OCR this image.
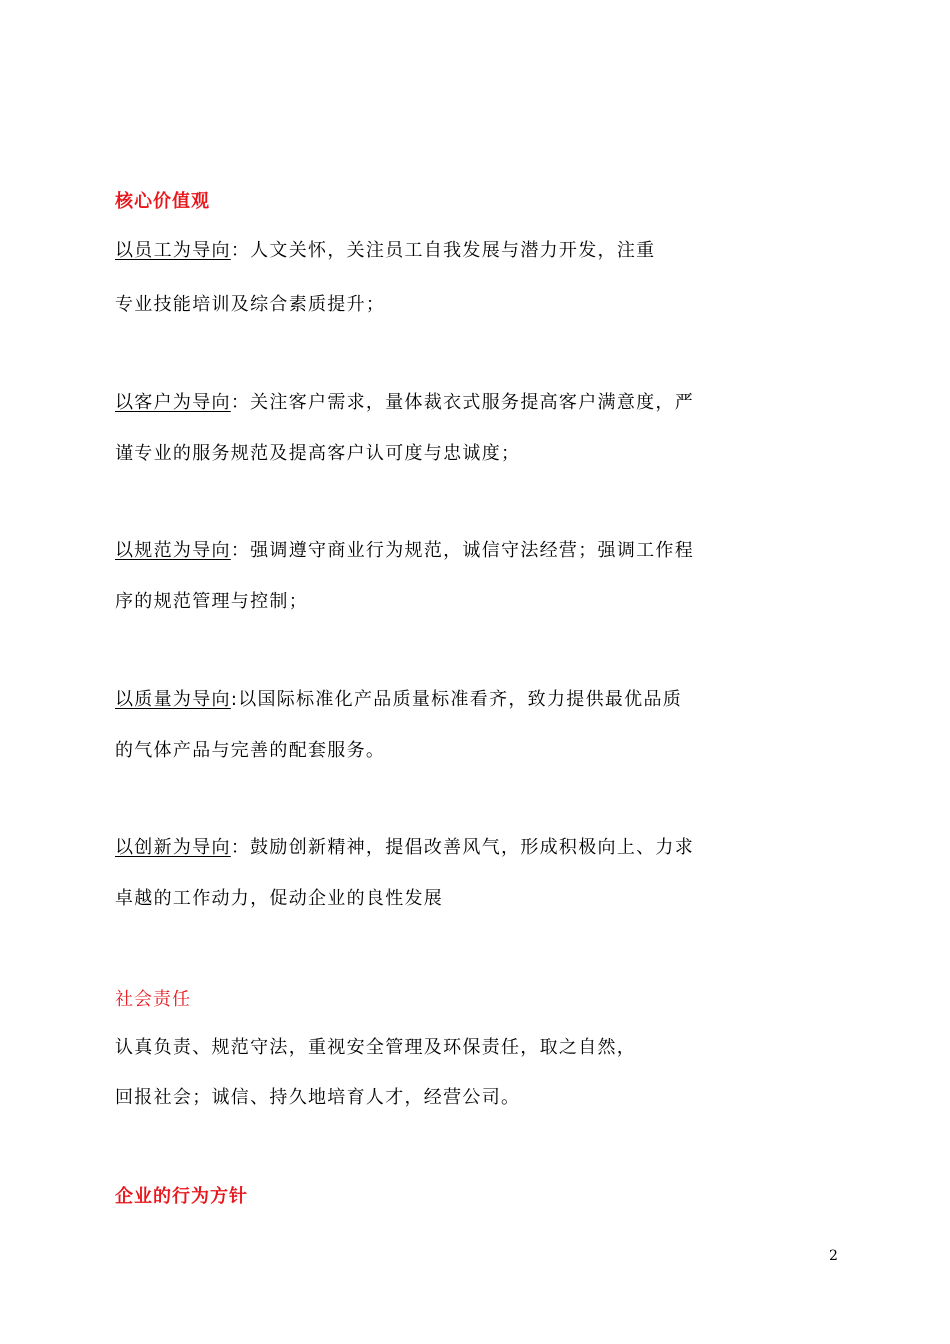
核心价值观
以员工为导向：人文关怀，关注员工自我发展与潜力开发，注重
专业技能培训及综合素质提升；
以客户为导向：关注客户需求，量体裁衣式服务提高客户满意度，严
谨专业的服务规范及提高客户认可度与忠诚度；
以规范为导向：强调遵守商业行为规范，诚信守法经营；强调工作程
序的规范管理与控制；
以质量为导向:以国际标准化产品质量标准看齐，致力提供最优品质
的气体产品与完善的配套服务。
以创新为导向：鼓励创新精神，提倡改善风气，形成积极向上、力求
卓越的工作动力，促动企业的良性发展
社会责任
认真负责、规范守法，重视安全管理及环保责任，取之自然，
回报社会；诚信、持久地培育人才，经营公司。
企业的行为方针
2
